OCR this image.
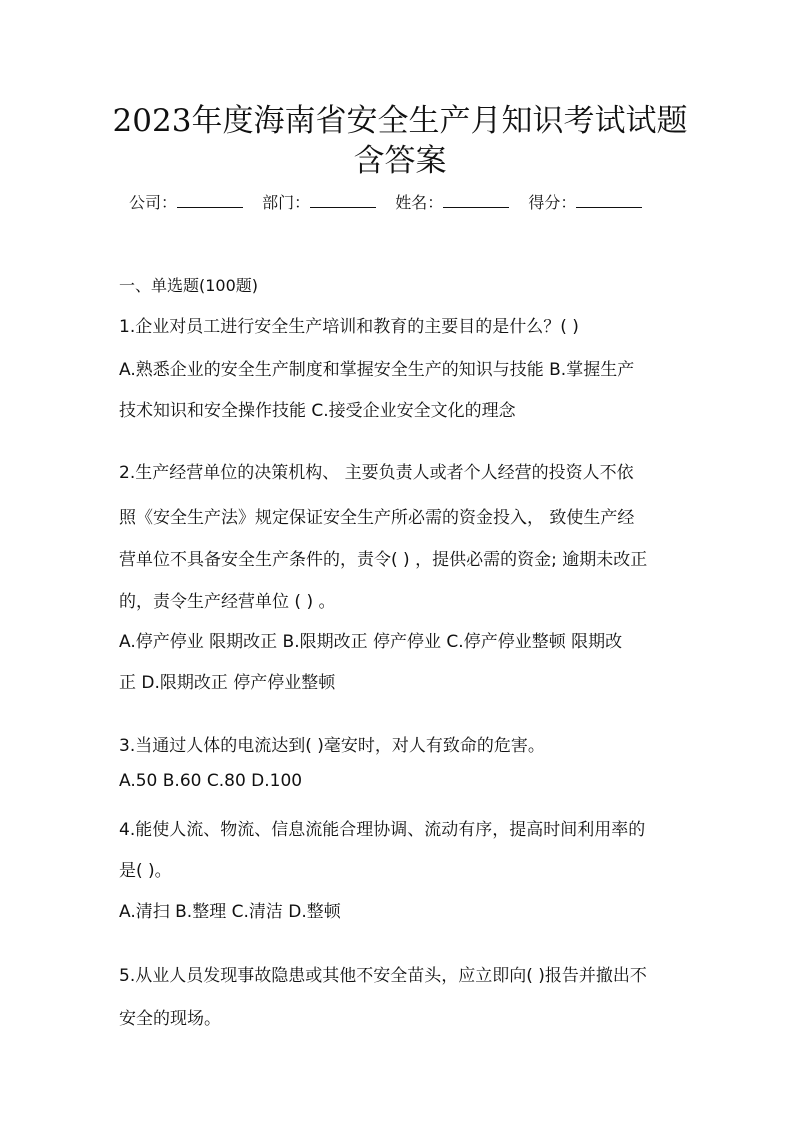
2023年度海南省安全生产月知识考试试题
含答案
公司：	部门：	姓名：	得分：
一、单选题(100题)
1.企业对员工进行安全生产培训和教育的主要目的是什么？( )
A.熟悉企业的安全生产制度和掌握安全生产的知识与技能 B.掌握生产
技术知识和安全操作技能 C.接受企业安全文化的理念
2.生产经营单位的决策机构、 主要负责人或者个人经营的投资人不依
照《安全生产法》规定保证安全生产所必需的资金投入， 致使生产经
营单位不具备安全生产条件的，责令( ) ，提供必需的资金; 逾期未改正
的，责令生产经营单位 ( ) 。
A.停产停业 限期改正 B.限期改正 停产停业 C.停产停业整顿 限期改
正 D.限期改正 停产停业整顿
3.当通过人体的电流达到( )毫安时，对人有致命的危害。
A.50 B.60 C.80 D.100
4.能使人流、物流、信息流能合理协调、流动有序，提高时间利用率的
是( )。
A.清扫 B.整理 C.清洁 D.整顿
5.从业人员发现事故隐患或其他不安全苗头，应立即向( )报告并撤出不
安全的现场。
